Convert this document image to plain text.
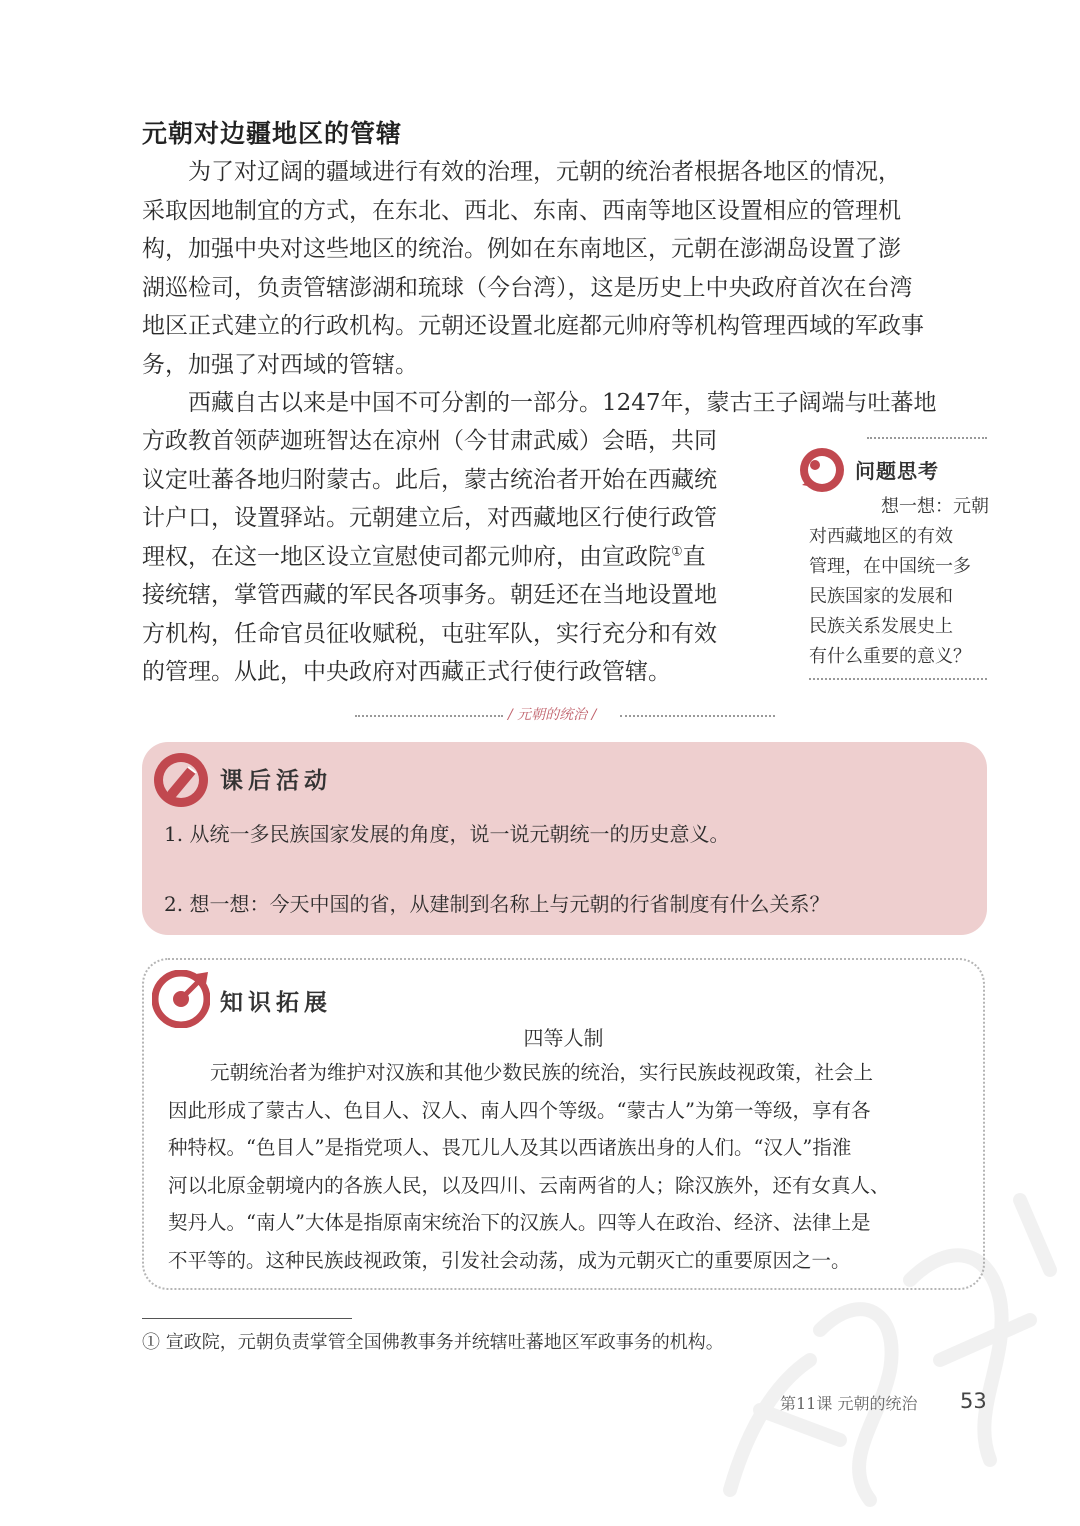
元朝对边疆地区的管辖

为了对辽阔的疆域进行有效的治理，元朝的统治者根据各地区的情况，
采取因地制宜的方式，在东北、西北、东南、西南等地区设置相应的管理机
构，加强中央对这些地区的统治。例如在东南地区，元朝在澎湖岛设置了澎
湖巡检司，负责管辖澎湖和琉球（今台湾），这是历史上中央政府首次在台湾
地区正式建立的行政机构。元朝还设置北庭都元帅府等机构管理西域的军政事
务，加强了对西域的管辖。

西藏自古以来是中国不可分割的一部分。1247年，蒙古王子阔端与吐蕃地

方政教首领萨迦班智达在凉州（今甘肃武威）会晤，共同
议定吐蕃各地归附蒙古。此后，蒙古统治者开始在西藏统
计户口，设置驿站。元朝建立后，对西藏地区行使行政管
理权，在这一地区设立宣慰使司都元帅府，由宣政院①直
接统辖，掌管西藏的军民各项事务。朝廷还在当地设置地
方机构，任命官员征收赋税，屯驻军队，实行充分和有效
的管理。从此，中央政府对西藏正式行使行政管辖。

问题思考
想一想：元朝
对西藏地区的有效
管理，在中国统一多
民族国家的发展和
民族关系发展史上
有什么重要的意义？
/ 元朝的统治 /
课后活动
1. 从统一多民族国家发展的角度，说一说元朝统一的历史意义。
2. 想一想：今天中国的省，从建制到名称上与元朝的行省制度有什么关系？
知识拓展
四等人制
元朝统治者为维护对汉族和其他少数民族的统治，实行民族歧视政策，社会上
因此形成了蒙古人、色目人、汉人、南人四个等级。“蒙古人”为第一等级，享有各
种特权。“色目人”是指党项人、畏兀儿人及其以西诸族出身的人们。“汉人”指淮
河以北原金朝境内的各族人民，以及四川、云南两省的人；除汉族外，还有女真人、
契丹人。“南人”大体是指原南宋统治下的汉族人。四等人在政治、经济、法律上是
不平等的。这种民族歧视政策，引发社会动荡，成为元朝灭亡的重要原因之一。
① 宣政院，元朝负责掌管全国佛教事务并统辖吐蕃地区军政事务的机构。
第11课 元朝的统治 53
